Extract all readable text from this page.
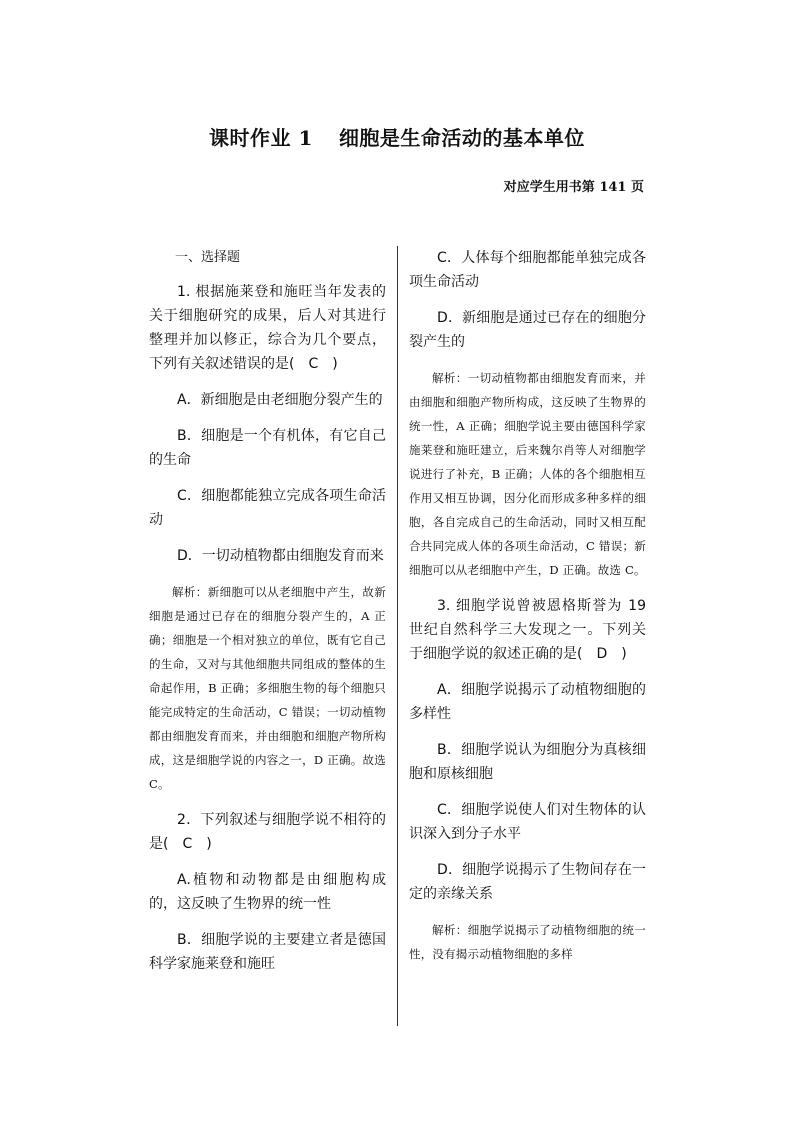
课时作业 1 细胞是生命活动的基本单位
对应学生用书第 141 页

一、选择题

1. 根据施莱登和施旺当年发表的关于细胞研究的成果，后人对其进行整理并加以修正，综合为几个要点，下列有关叙述错误的是(　C　)

A．新细胞是由老细胞分裂产生的

B．细胞是一个有机体，有它自己的生命

C．细胞都能独立完成各项生命活动

D．一切动植物都由细胞发育而来

解析：新细胞可以从老细胞中产生，故新细胞是通过已存在的细胞分裂产生的，A 正确；细胞是一个相对独立的单位，既有它自己的生命，又对与其他细胞共同组成的整体的生命起作用，B 正确；多细胞生物的每个细胞只能完成特定的生命活动，C 错误；一切动植物都由细胞发育而来，并由细胞和细胞产物所构成，这是细胞学说的内容之一，D 正确。故选 C。

2．下列叙述与细胞学说不相符的是(　C　)

A.植物和动物都是由细胞构成的，这反映了生物界的统一性

B．细胞学说的主要建立者是德国科学家施莱登和施旺

C．人体每个细胞都能单独完成各项生命活动

D．新细胞是通过已存在的细胞分裂产生的

解析：一切动植物都由细胞发育而来，并由细胞和细胞产物所构成，这反映了生物界的统一性，A 正确；细胞学说主要由德国科学家施莱登和施旺建立，后来魏尔肖等人对细胞学说进行了补充，B 正确；人体的各个细胞相互作用又相互协调，因分化而形成多种多样的细胞，各自完成自己的生命活动，同时又相互配合共同完成人体的各项生命活动，C 错误；新细胞可以从老细胞中产生，D 正确。故选 C。

3. 细胞学说曾被恩格斯誉为 19 世纪自然科学三大发现之一。下列关于细胞学说的叙述正确的是(　D　)

A．细胞学说揭示了动植物细胞的多样性

B．细胞学说认为细胞分为真核细胞和原核细胞

C．细胞学说使人们对生物体的认识深入到分子水平

D．细胞学说揭示了生物间存在一定的亲缘关系

解析：细胞学说揭示了动植物细胞的统一性，没有揭示动植物细胞的多样
